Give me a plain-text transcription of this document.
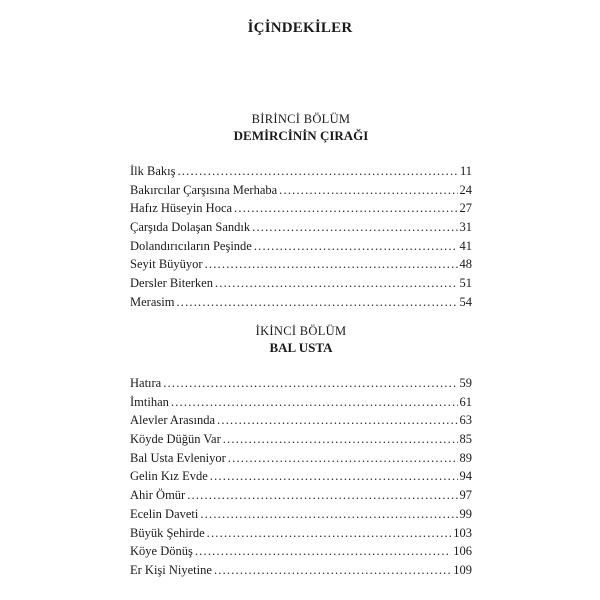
İÇİNDEKİLER
BİRİNCİ BÖLÜM
DEMİRCİNİN ÇIRAĞI
İlk Bakış .....	11
Bakırcılar Çarşısına Merhaba .....	24
Hafız Hüseyin Hoca .....	27
Çarşıda Dolaşan Sandık .....	31
Dolandırıcıların Peşinde .....	41
Seyit Büyüyor .....	48
Dersler Biterken .....	51
Merasim .....	54
İKİNCİ BÖLÜM
BAL USTA
Hatıra .....	59
İmtihan .....	61
Alevler Arasında .....	63
Köyde Düğün Var .....	85
Bal Usta Evleniyor .....	89
Gelin Kız Evde .....	94
Ahir Ömür .....	97
Ecelin Daveti .....	99
Büyük Şehirde .....	103
Köye Dönüş .....	106
Er Kişi Niyetine .....	109
